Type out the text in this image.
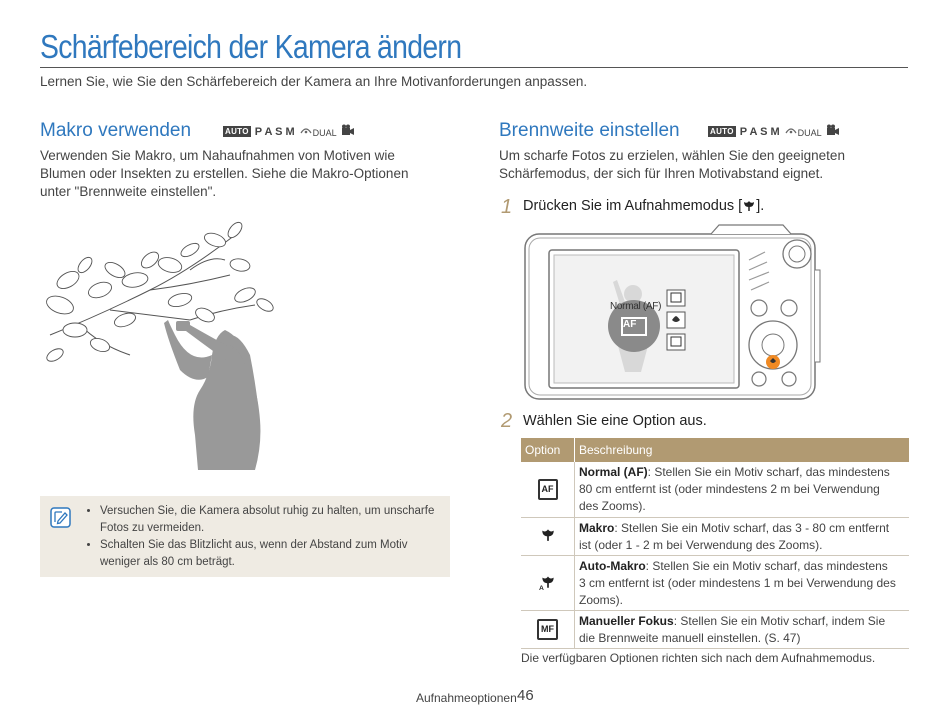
Schärfebereich der Kamera ändern
Lernen Sie, wie Sie den Schärfebereich der Kamera an Ihre Motivanforderungen anpassen.
Makro verwenden	AUTO P A S M	DUAL
Verwenden Sie Makro, um Nahaufnahmen von Motiven wie
Blumen oder Insekten zu erstellen. Siehe die Makro-Optionen
unter "Brennweite einstellen".
• Versuchen Sie, die Kamera absolut ruhig zu halten, um unscharfe Fotos zu vermeiden.
• Schalten Sie das Blitzlicht aus, wenn der Abstand zum Motiv weniger als 80 cm beträgt.
Brennweite einstellen	AUTO P A S M	DUAL
Um scharfe Fotos zu erzielen, wählen Sie den geeigneten
Schärfemodus, der sich für Ihren Motivabstand eignet.
1 Drücken Sie im Aufnahmemodus [ ].
Normal (AF)
AF
2 Wählen Sie eine Option aus.
Option	Beschreibung
AF	Normal (AF): Stellen Sie ein Motiv scharf, das mindestens
80 cm entfernt ist (oder mindestens 2 m bei Verwendung
des Zooms).
	Makro: Stellen Sie ein Motiv scharf, das 3 - 80 cm entfernt
ist (oder 1 - 2 m bei Verwendung des Zooms).

A	Auto-Makro: Stellen Sie ein Motiv scharf, das mindestens
3 cm entfernt ist (oder mindestens 1 m bei Verwendung des
Zooms).
MF	Manueller Fokus: Stellen Sie ein Motiv scharf, indem Sie
die Brennweite manuell einstellen. (S. 47)
Die verfügbaren Optionen richten sich nach dem Aufnahmemodus.
Aufnahmeoptionen 46
